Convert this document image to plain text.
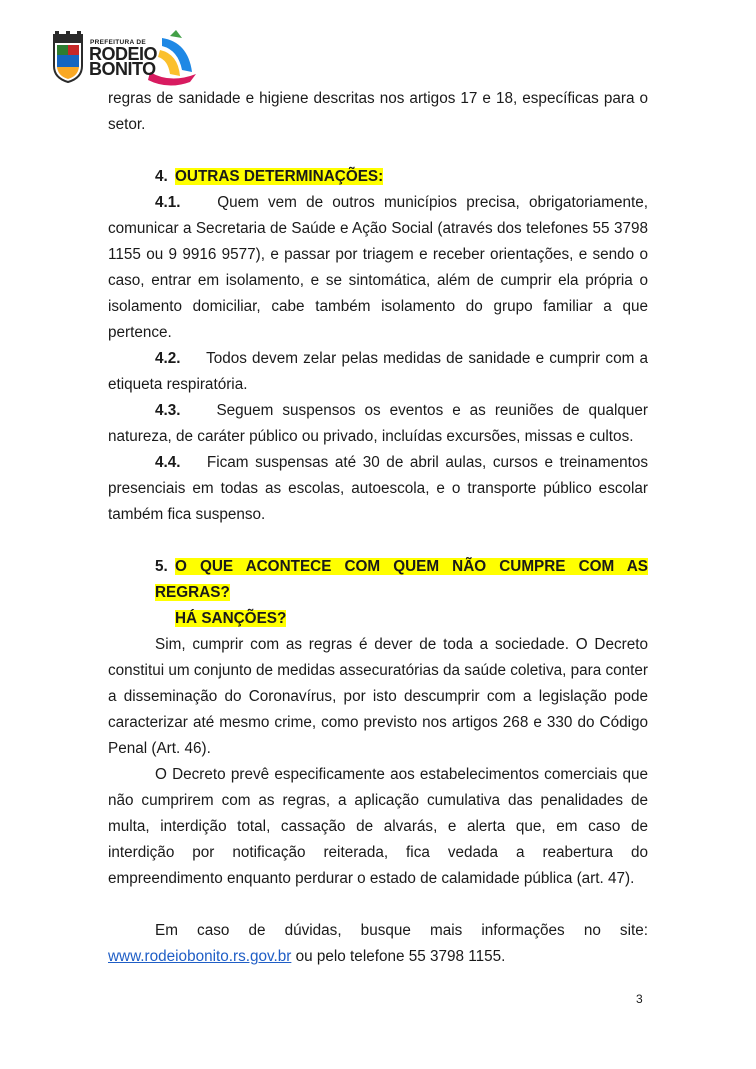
PREFEITURA DE
RODEIO
BONITO

regras de sanidade e higiene descritas nos artigos 17 e 18, específicas para o setor.

4. OUTRAS DETERMINAÇÕES:

4.1. Quem vem de outros municípios precisa, obrigatoriamente, comunicar a Secretaria de Saúde e Ação Social (através dos telefones 55 3798 1155 ou 9 9916 9577), e passar por triagem e receber orientações, e sendo o caso, entrar em isolamento, e se sintomática, além de cumprir ela própria o isolamento domiciliar, cabe também isolamento do grupo familiar a que pertence.

4.2. Todos devem zelar pelas medidas de sanidade e cumprir com a etiqueta respiratória.

4.3. Seguem suspensos os eventos e as reuniões de qualquer natureza, de caráter público ou privado, incluídas excursões, missas e cultos.

4.4. Ficam suspensas até 30 de abril aulas, cursos e treinamentos presenciais em todas as escolas, autoescola, e o transporte público escolar também fica suspenso.

5. O QUE ACONTECE COM QUEM NÃO CUMPRE COM AS REGRAS?

HÁ SANÇÕES?

Sim, cumprir com as regras é dever de toda a sociedade. O Decreto constitui um conjunto de medidas assecuratórias da saúde coletiva, para conter a disseminação do Coronavírus, por isto descumprir com a legislação pode caracterizar até mesmo crime, como previsto nos artigos 268 e 330 do Código Penal (Art. 46).

O Decreto prevê especificamente aos estabelecimentos comerciais que não cumprirem com as regras, a aplicação cumulativa das penalidades de multa, interdição total, cassação de alvarás, e alerta que, em caso de interdição por notificação reiterada, fica vedada a reabertura do empreendimento enquanto perdurar o estado de calamidade pública (art. 47).

Em caso de dúvidas, busque mais informações no site:

www.rodeiobonito.rs.gov.br ou pelo telefone 55 3798 1155.

3
